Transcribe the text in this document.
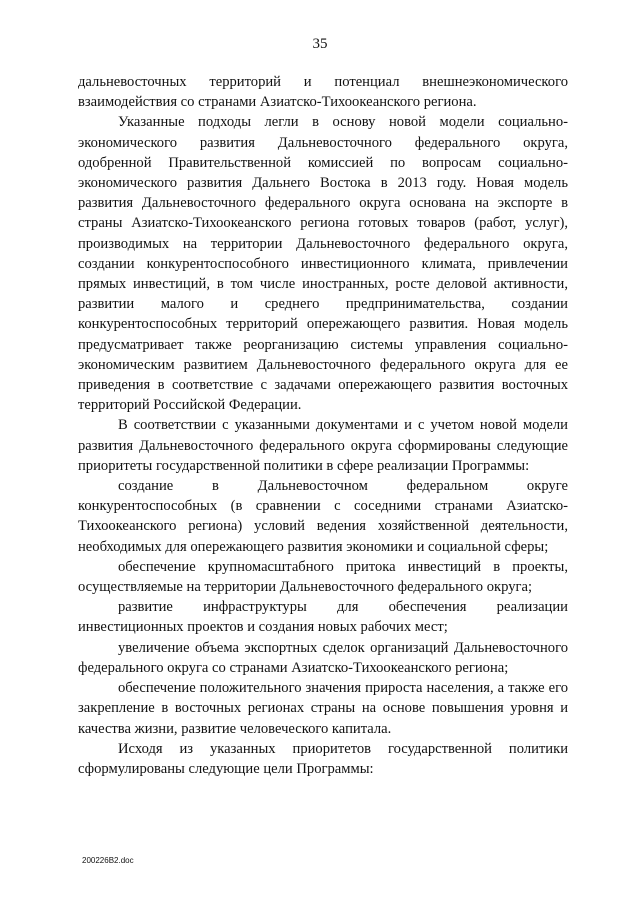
35

дальневосточных территорий и потенциал внешнеэкономического взаимодействия со странами Азиатско-Тихоокеанского региона.

Указанные подходы легли в основу новой модели социально-экономического развития Дальневосточного федерального округа, одобренной Правительственной комиссией по вопросам социально-экономического развития Дальнего Востока в 2013 году. Новая модель развития Дальневосточного федерального округа основана на экспорте в страны Азиатско-Тихоокеанского региона готовых товаров (работ, услуг), производимых на территории Дальневосточного федерального округа, создании конкурентоспособного инвестиционного климата, привлечении прямых инвестиций, в том числе иностранных, росте деловой активности, развитии малого и среднего предпринимательства, создании конкурентоспособных территорий опережающего развития. Новая модель предусматривает также реорганизацию системы управления социально-экономическим развитием Дальневосточного федерального округа для ее приведения в соответствие с задачами опережающего развития восточных территорий Российской Федерации.

В соответствии с указанными документами и с учетом новой модели развития Дальневосточного федерального округа сформированы следующие приоритеты государственной политики в сфере реализации Программы:

создание в Дальневосточном федеральном округе конкурентоспособных (в сравнении с соседними странами Азиатско-Тихоокеанского региона) условий ведения хозяйственной деятельности, необходимых для опережающего развития экономики и социальной сферы;

обеспечение крупномасштабного притока инвестиций в проекты, осуществляемые на территории Дальневосточного федерального округа;

развитие инфраструктуры для обеспечения реализации инвестиционных проектов и создания новых рабочих мест;

увеличение объема экспортных сделок организаций Дальневосточного федерального округа со странами Азиатско-Тихоокеанского региона;

обеспечение положительного значения прироста населения, а также его закрепление в восточных регионах страны на основе повышения уровня и качества жизни, развитие человеческого капитала.

Исходя из указанных приоритетов государственной политики сформулированы следующие цели Программы:

200226B2.doc
